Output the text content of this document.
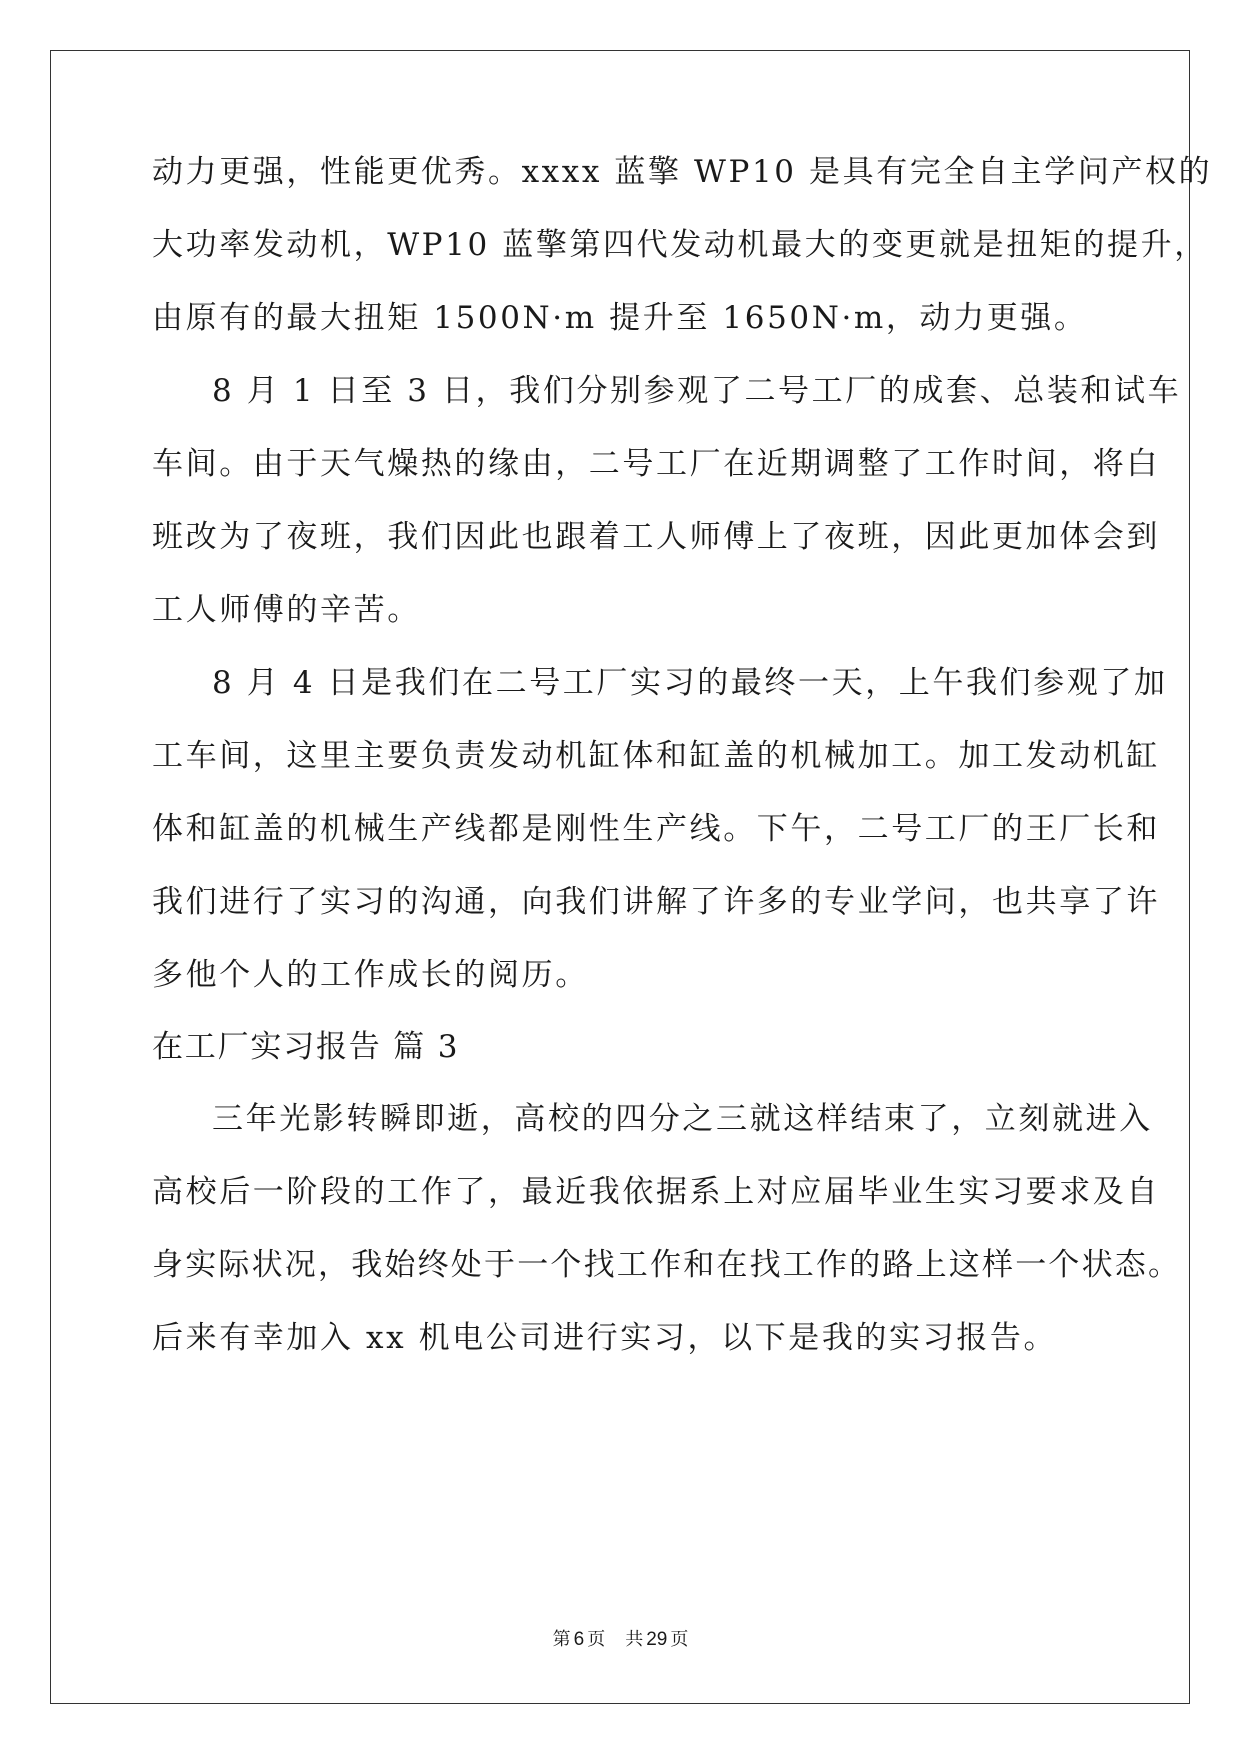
动力更强，性能更优秀。xxxx 蓝擎 WP10 是具有完全自主学问产权的
大功率发动机，WP10 蓝擎第四代发动机最大的变更就是扭矩的提升，
由原有的最大扭矩 1500N·m 提升至 1650N·m，动力更强。
8 月 1 日至 3 日，我们分别参观了二号工厂的成套、总装和试车
车间。由于天气燥热的缘由，二号工厂在近期调整了工作时间，将白
班改为了夜班，我们因此也跟着工人师傅上了夜班，因此更加体会到
工人师傅的辛苦。
8 月 4 日是我们在二号工厂实习的最终一天，上午我们参观了加
工车间，这里主要负责发动机缸体和缸盖的机械加工。加工发动机缸
体和缸盖的机械生产线都是刚性生产线。下午，二号工厂的王厂长和
我们进行了实习的沟通，向我们讲解了许多的专业学问，也共享了许
多他个人的工作成长的阅历。
在工厂实习报告 篇 3
三年光影转瞬即逝，高校的四分之三就这样结束了，立刻就进入
高校后一阶段的工作了，最近我依据系上对应届毕业生实习要求及自
身实际状况，我始终处于一个找工作和在找工作的路上这样一个状态。
后来有幸加入 xx 机电公司进行实习，以下是我的实习报告。
第 6 页 共 29 页
